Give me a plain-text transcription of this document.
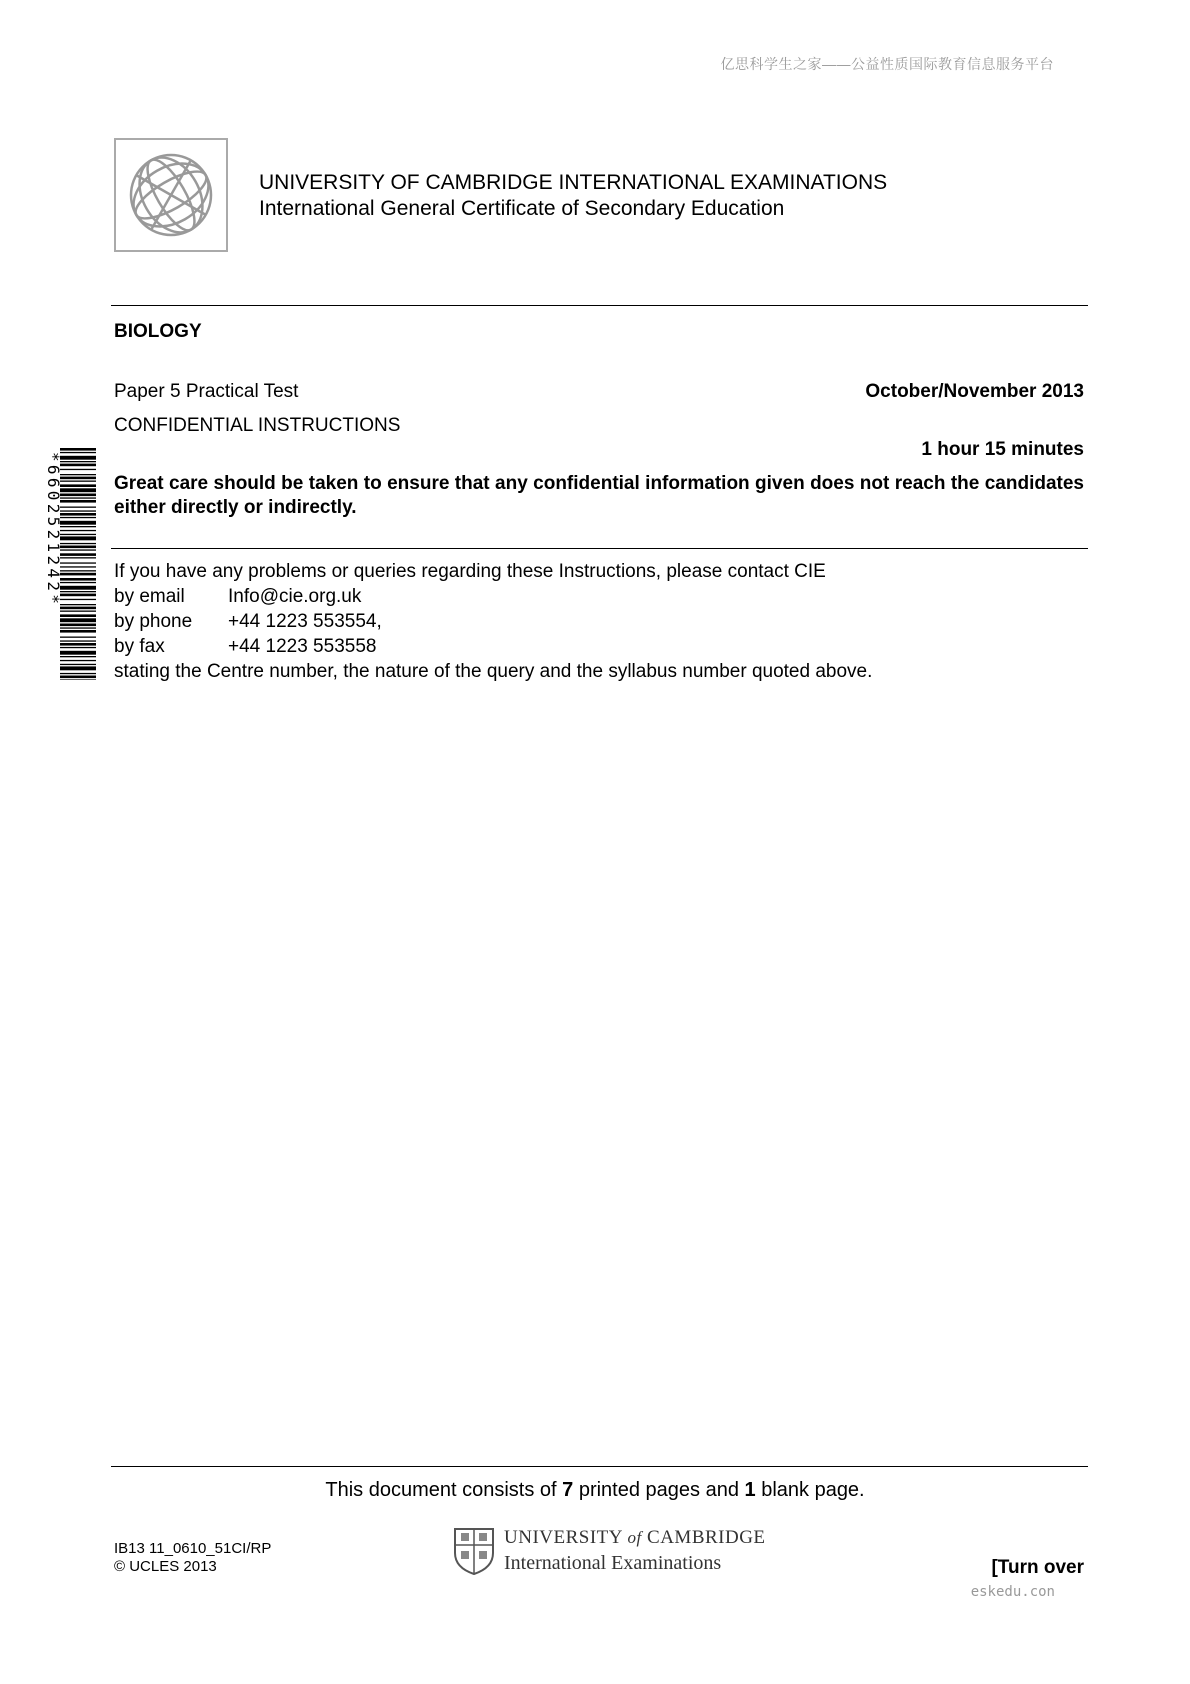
亿思科学生之家——公益性质国际教育信息服务平台
UNIVERSITY OF CAMBRIDGE INTERNATIONAL EXAMINATIONS
International General Certificate of Secondary Education
BIOLOGY
Paper 5 Practical Test	October/November 2013
CONFIDENTIAL INSTRUCTIONS
1 hour 15 minutes
Great care should be taken to ensure that any confidential information given does not reach the candidates either directly or indirectly.
If you have any problems or queries regarding these Instructions, please contact CIE
by email Info@cie.org.uk
by phone +44 1223 553554,
by fax	+44 1223 553558
stating the Centre number, the nature of the query and the syllabus number quoted above.
*6602521242*
This document consists of 7 printed pages and 1 blank page.
IB13 11_0610_51CI/RP
© UCLES 2013
UNIVERSITY of CAMBRIDGE
International Examinations	[Turn over
eskedu.con
